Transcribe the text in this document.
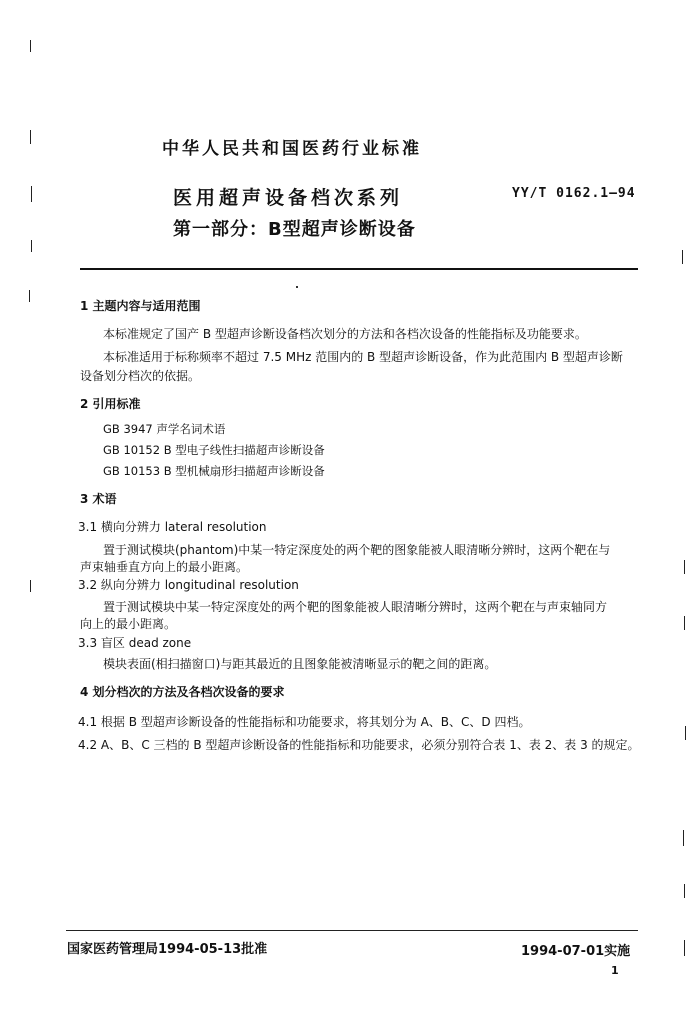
中华人民共和国医药行业标准
医用超声设备档次系列
第一部分：B型超声诊断设备
YY/T 0162.1—94
1 主题内容与适用范围
本标准规定了国产 B 型超声诊断设备档次划分的方法和各档次设备的性能指标及功能要求。
本标准适用于标称频率不超过 7.5 MHz 范围内的 B 型超声诊断设备，作为此范围内 B 型超声诊断
设备划分档次的依据。
2 引用标准
GB 3947 声学名词术语
GB 10152 B 型电子线性扫描超声诊断设备
GB 10153 B 型机械扇形扫描超声诊断设备
3 术语
3.1 横向分辨力 lateral resolution
置于测试模块(phantom)中某一特定深度处的两个靶的图象能被人眼清晰分辨时，这两个靶在与
声束轴垂直方向上的最小距离。
3.2 纵向分辨力 longitudinal resolution
置于测试模块中某一特定深度处的两个靶的图象能被人眼清晰分辨时，这两个靶在与声束轴同方
向上的最小距离。
3.3 盲区 dead zone
模块表面(相扫描窗口)与距其最近的且图象能被清晰显示的靶之间的距离。
4 划分档次的方法及各档次设备的要求
4.1 根据 B 型超声诊断设备的性能指标和功能要求，将其划分为 A、B、C、D 四档。
4.2 A、B、C 三档的 B 型超声诊断设备的性能指标和功能要求，必须分别符合表 1、表 2、表 3 的规定。
国家医药管理局1994-05-13批准	1994-07-01实施
1
